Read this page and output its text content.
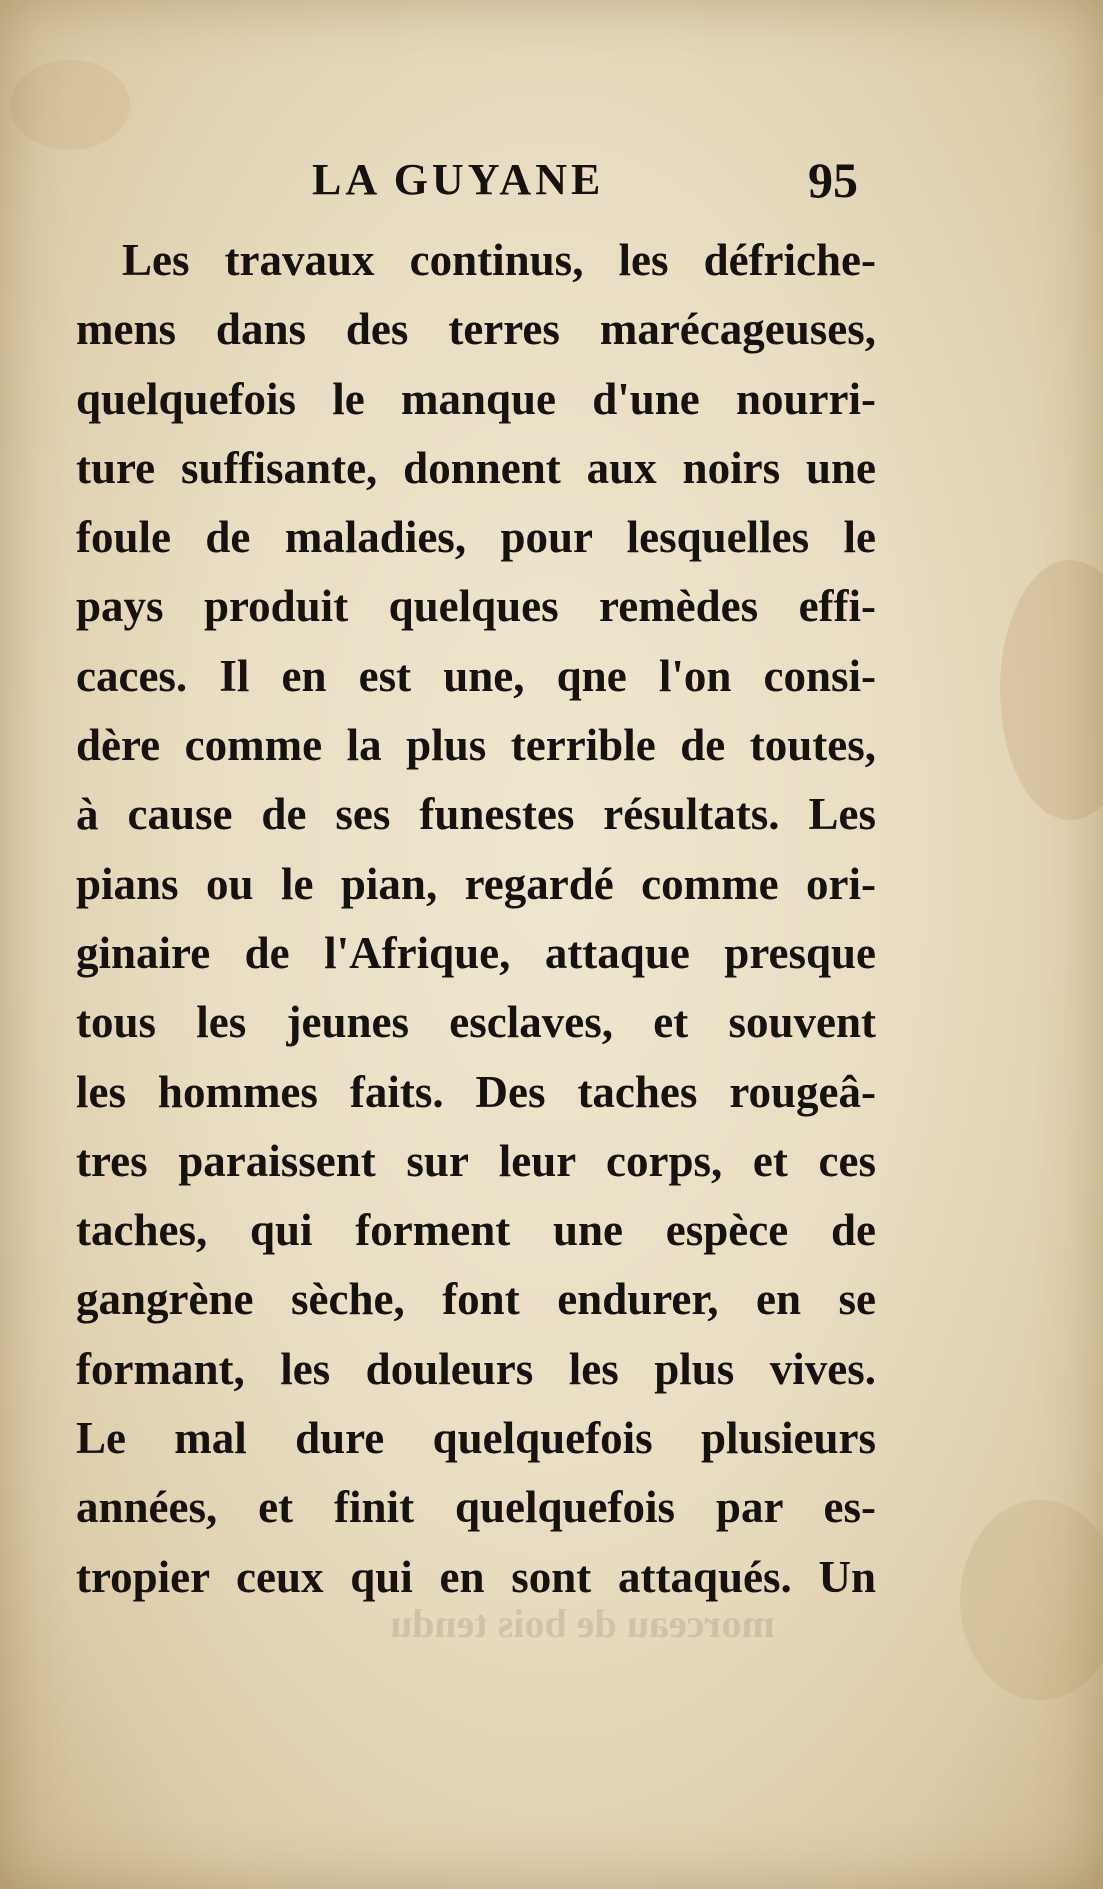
LA GUYANE	95
Les travaux continus, les défriche-
mens dans des terres marécageuses,
quelquefois le manque d'une nourri-
ture suffisante, donnent aux noirs une
foule de maladies, pour lesquelles le
pays produit quelques remèdes effi-
caces. Il en est une, qne l'on consi-
dère comme la plus terrible de toutes,
à cause de ses funestes résultats. Les
pians ou le pian, regardé comme ori-
ginaire de l'Afrique, attaque presque
tous les jeunes esclaves, et souvent
les hommes faits. Des taches rougeâ-
tres paraissent sur leur corps, et ces
taches, qui forment une espèce de
gangrène sèche, font endurer, en se
formant, les douleurs les plus vives.
Le mal dure quelquefois plusieurs
années, et finit quelquefois par es-
tropier ceux qui en sont attaqués. Un
morceau de bois tendu
